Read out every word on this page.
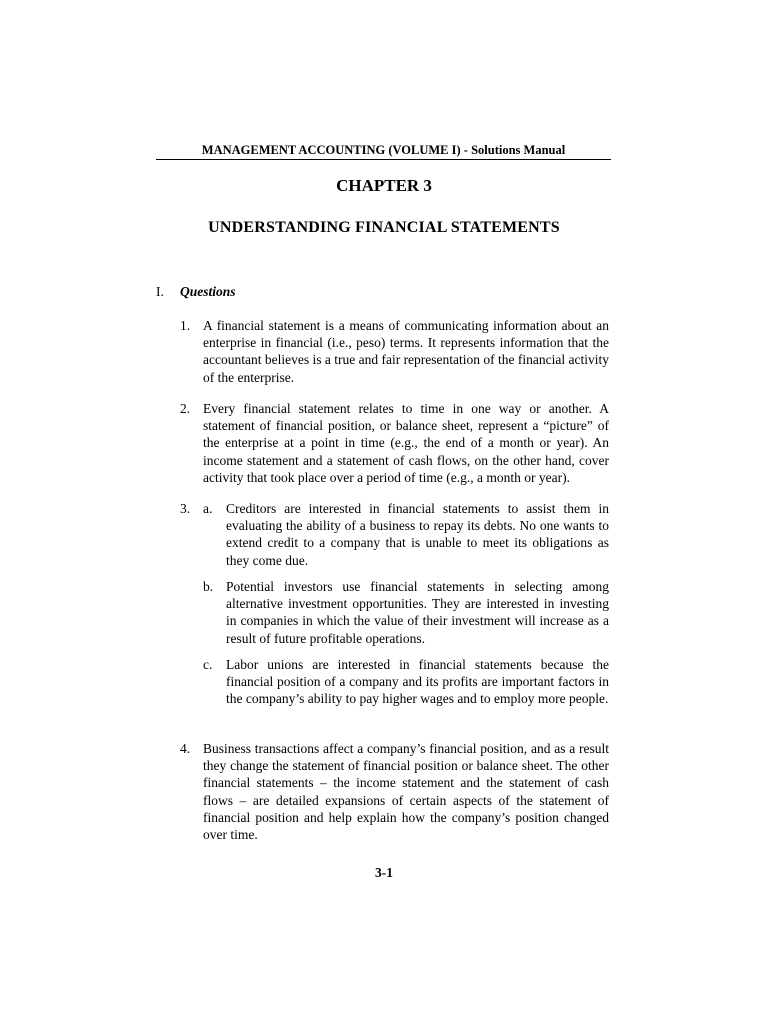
MANAGEMENT ACCOUNTING (VOLUME I) - Solutions Manual
CHAPTER 3
UNDERSTANDING FINANCIAL STATEMENTS
I. Questions
1. A financial statement is a means of communicating information about an enterprise in financial (i.e., peso) terms. It represents information that the accountant believes is a true and fair representation of the financial activity of the enterprise.
2. Every financial statement relates to time in one way or another. A statement of financial position, or balance sheet, represent a “picture” of the enterprise at a point in time (e.g., the end of a month or year). An income statement and a statement of cash flows, on the other hand, cover activity that took place over a period of time (e.g., a month or year).
3. a. Creditors are interested in financial statements to assist them in evaluating the ability of a business to repay its debts. No one wants to extend credit to a company that is unable to meet its obligations as they come due.
b. Potential investors use financial statements in selecting among alternative investment opportunities. They are interested in investing in companies in which the value of their investment will increase as a result of future profitable operations.
c. Labor unions are interested in financial statements because the financial position of a company and its profits are important factors in the company’s ability to pay higher wages and to employ more people.
4. Business transactions affect a company’s financial position, and as a result they change the statement of financial position or balance sheet. The other financial statements – the income statement and the statement of cash flows – are detailed expansions of certain aspects of the statement of financial position and help explain how the company’s position changed over time.
3-1
